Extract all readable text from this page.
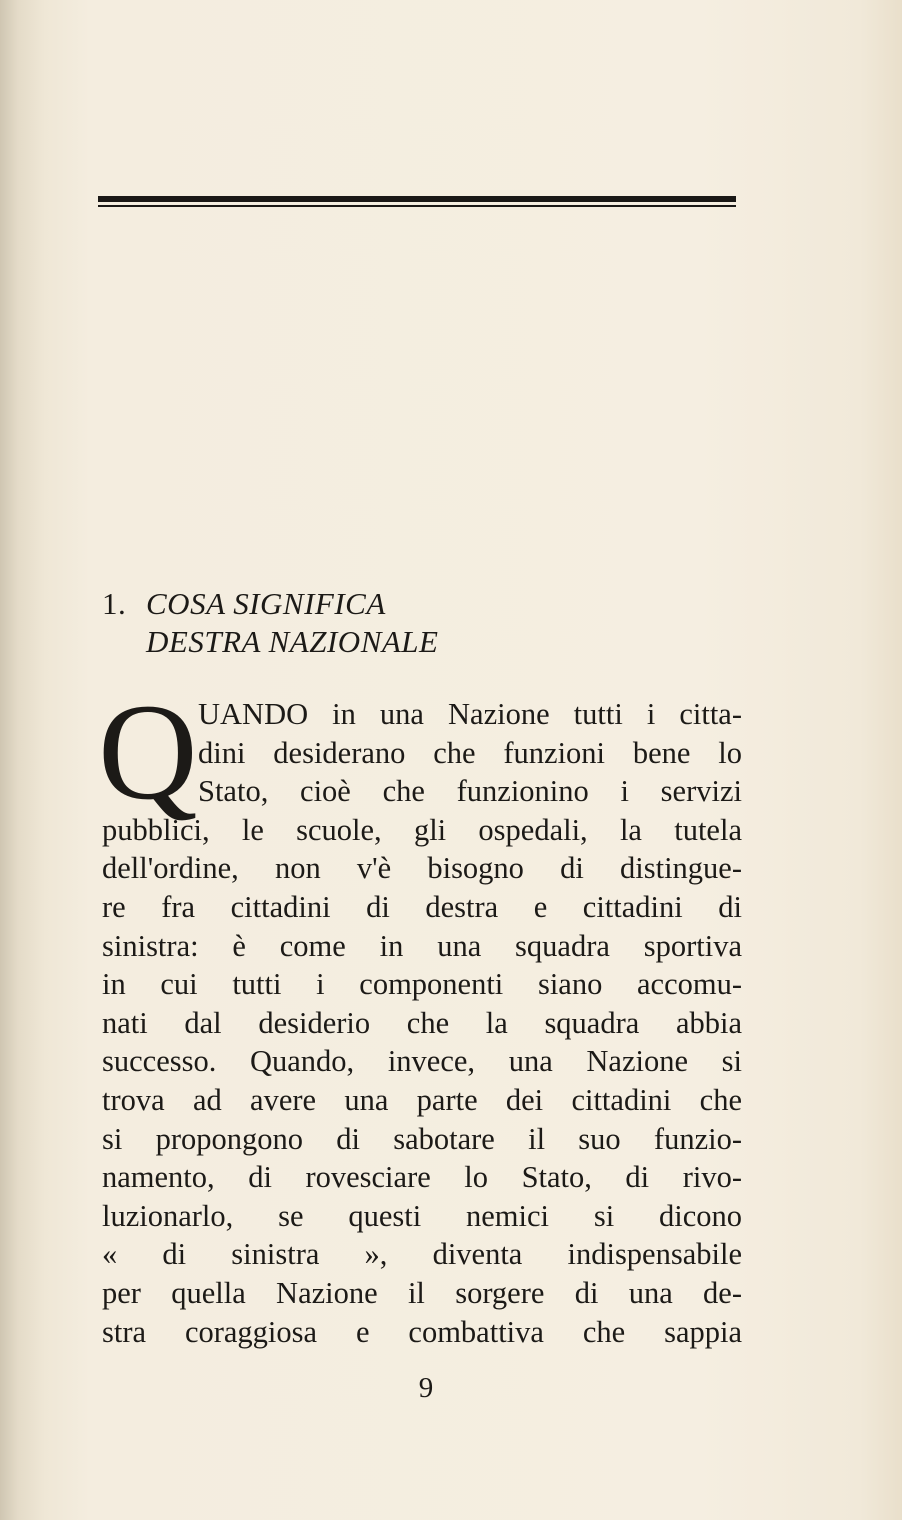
1. COSA SIGNIFICA
DESTRA NAZIONALE
Q UANDO in una Nazione tutti i citta-
dini desiderano che funzioni bene lo
Stato, cioè che funzionino i servizi
pubblici, le scuole, gli ospedali, la tutela
dell'ordine, non v'è bisogno di distingue-
re fra cittadini di destra e cittadini di
sinistra: è come in una squadra sportiva
in cui tutti i componenti siano accomu-
nati dal desiderio che la squadra abbia
successo. Quando, invece, una Nazione si
trova ad avere una parte dei cittadini che
si propongono di sabotare il suo funzio-
namento, di rovesciare lo Stato, di rivo-
luzionarlo, se questi nemici si dicono
« di sinistra », diventa indispensabile
per quella Nazione il sorgere di una de-
stra coraggiosa e combattiva che sappia
9
